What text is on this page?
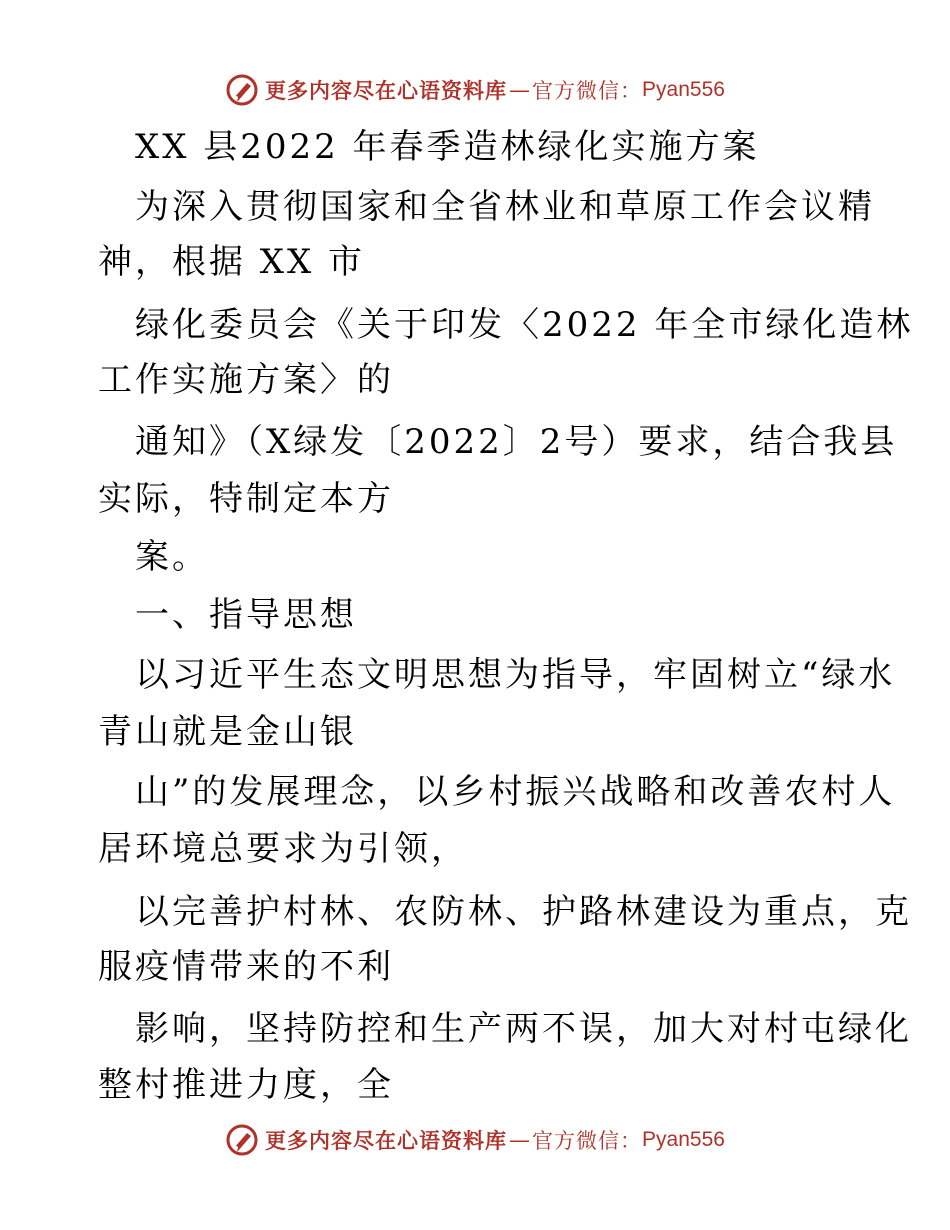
更多内容尽在心语资料库 — 官方微信： Pyan556
XX 县2022 年春季造林绿化实施方案
为深入贯彻国家和全省林业和草原工作会议精
神，根据 XX 市
绿化委员会《关于印发〈2022 年全市绿化造林
工作实施方案〉的
通知》（X绿发〔2022〕2号）要求，结合我县
实际，特制定本方
案。
一、指导思想
以习近平生态文明思想为指导，牢固树立“绿水
青山就是金山银
山”的发展理念，以乡村振兴战略和改善农村人
居环境总要求为引领，
以完善护村林、农防林、护路林建设为重点，克
服疫情带来的不利
影响，坚持防控和生产两不误，加大对村屯绿化
整村推进力度，全
更多内容尽在心语资料库 — 官方微信： Pyan556
